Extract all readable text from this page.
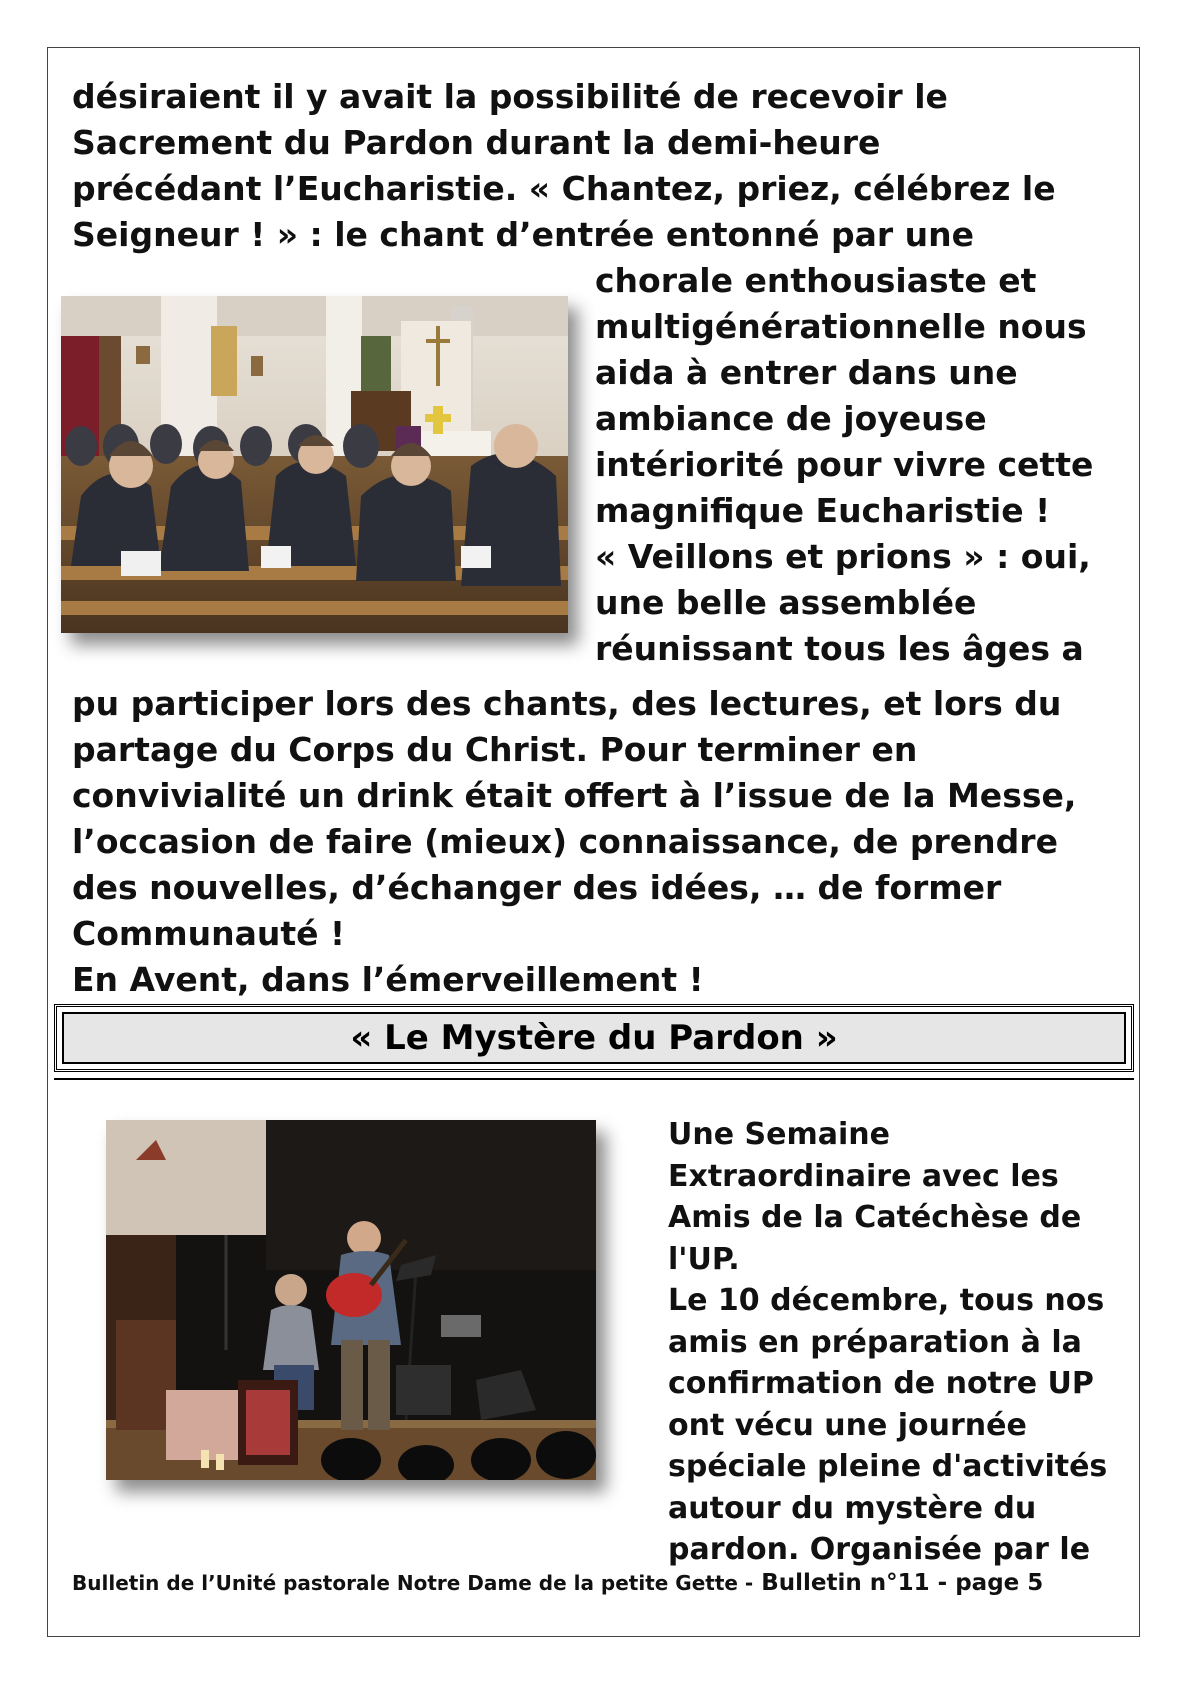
désiraient il y avait la possibilité de recevoir le
Sacrement du Pardon durant la demi-heure
précédant l’Eucharistie. « Chantez, priez, célébrez le
Seigneur ! » : le chant d’entrée entonné par une
chorale enthousiaste et
multigénérationnelle nous
aida à entrer dans une
ambiance de joyeuse
intériorité pour vivre cette
magnifique Eucharistie !
« Veillons et prions » : oui,
une belle assemblée
réunissant tous les âges a
pu participer lors des chants, des lectures, et lors du
partage du Corps du Christ. Pour terminer en
convivialité un drink était offert à l’issue de la Messe,
l’occasion de faire (mieux) connaissance, de prendre
des nouvelles, d’échanger des idées, … de former
Communauté !
En Avent, dans l’émerveillement !
« Le Mystère du Pardon »
Une Semaine
Extraordinaire avec les
Amis de la Catéchèse de
l'UP.
Le 10 décembre, tous nos
amis en préparation à la
confirmation de notre UP
ont vécu une journée
spéciale pleine d'activités
autour du mystère du
pardon. Organisée par le
Bulletin de l’Unité pastorale Notre Dame de la petite Gette - Bulletin n°11 - page 5
